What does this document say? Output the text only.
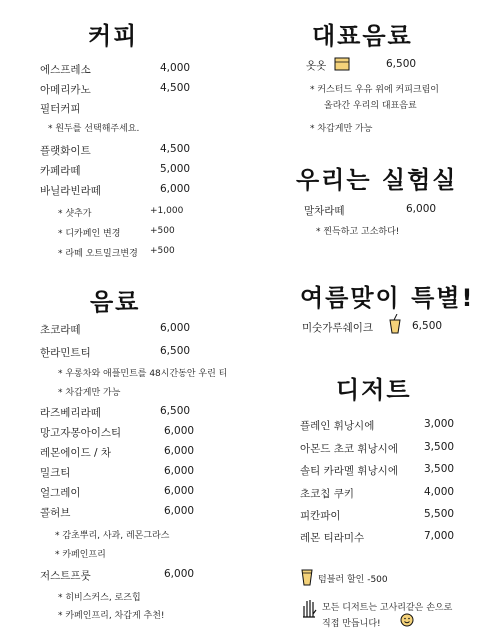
커피
에스프레소	4,000
아메리카노	4,500
필터커피
* 원두를 선택해주세요.
플랫화이트	4,500
카페라떼	5,000
바닐라빈라떼	6,000
* 샷추가	+1,000
* 디카페인 변경	+500
* 라떼 오트밀크변경 +500
음료
초코라떼	6,000
한라민트티	6,500
* 우롱차와 애플민트를 48시간동안 우린 티
* 차갑게만 가능
라즈베리라떼	6,500
망고자몽아이스티	6,000
레몬에이드 / 차	6,000
밀크티	6,000
얼그레이	6,000
콜허브	6,000
* 감초뿌리, 사과, 레몬그라스
* 카페인프리
저스트프룻	6,000
* 히비스커스, 로즈힙
* 카페인프리, 차갑게 추천!
대표음료
옷옷	6,500
* 커스터드 우유 위에 커피크림이
올라간 우리의 대표음료
* 차갑게만 가능
우리는 실험실
말차라떼	6,000
* 찐득하고 고소하다!
여름맞이 특별!
미숫가루쉐이크	6,500
디저트
플레인 휘낭시에	3,000
아몬드 초코 휘낭시에 3,500
솔티 카라멜 휘낭시에 3,500
초코칩 쿠키	4,000
피칸파이	5,500
레몬 티라미수	7,000
텀블러 할인 -500
모든 디저트는 고사리같은 손으로
직접 만듭니다!
